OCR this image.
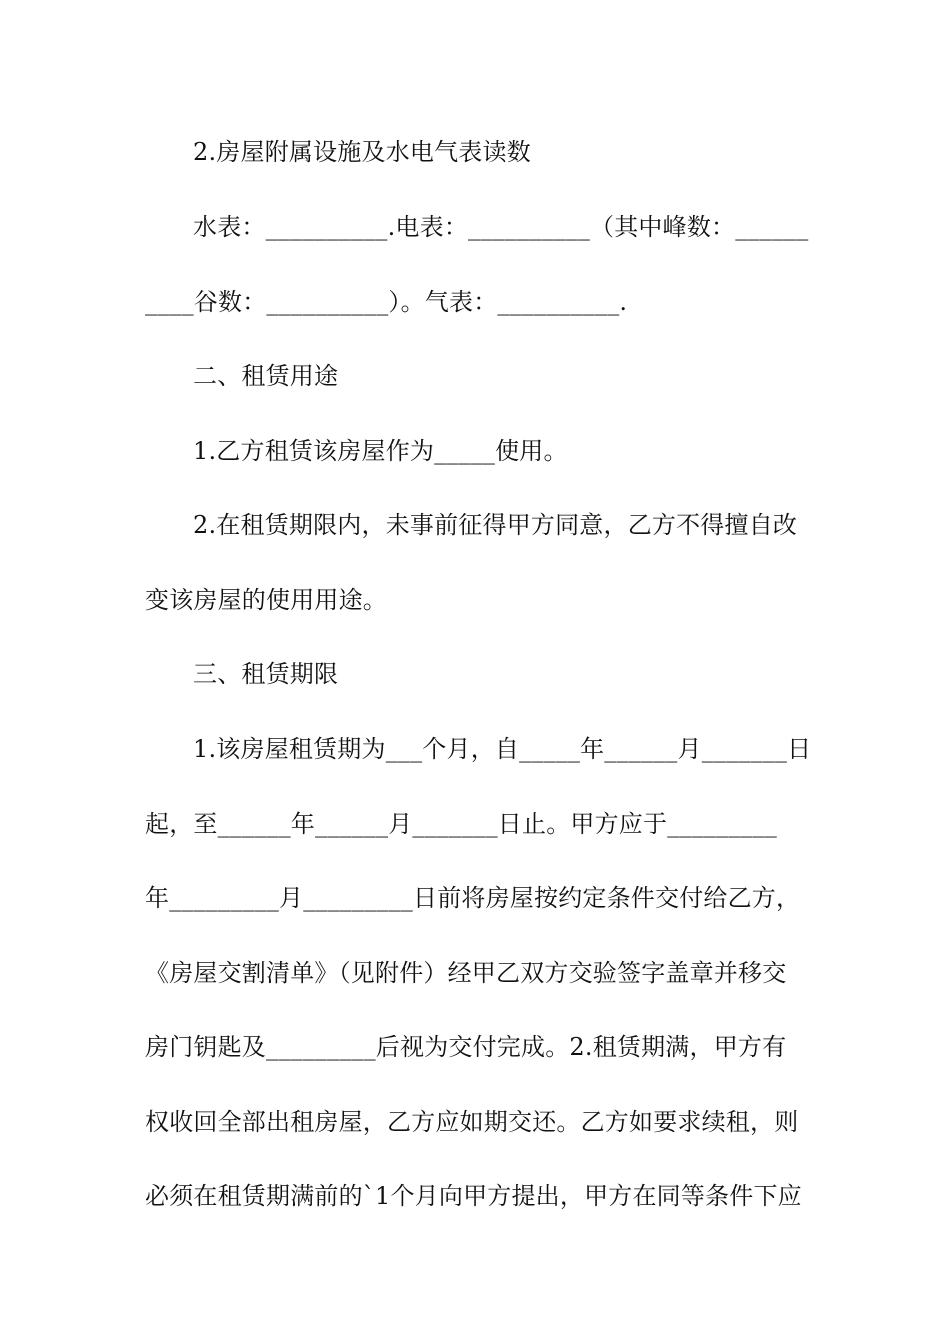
2.房屋附属设施及水电气表读数
水表：__________.电表：__________（其中峰数：______
____谷数：__________）。气表：__________.
二、租赁用途
1.乙方租赁该房屋作为_____使用。
2.在租赁期限内，未事前征得甲方同意，乙方不得擅自改
变该房屋的使用用途。
三、租赁期限
1.该房屋租赁期为___个月，自_____年______月_______日
起，至______年______月_______日止。甲方应于_________
年_________月_________日前将房屋按约定条件交付给乙方，
《房屋交割清单》（见附件）经甲乙双方交验签字盖章并移交
房门钥匙及_________后视为交付完成。2.租赁期满，甲方有
权收回全部出租房屋，乙方应如期交还。乙方如要求续租，则
必须在租赁期满前的`1个月向甲方提出，甲方在同等条件下应
